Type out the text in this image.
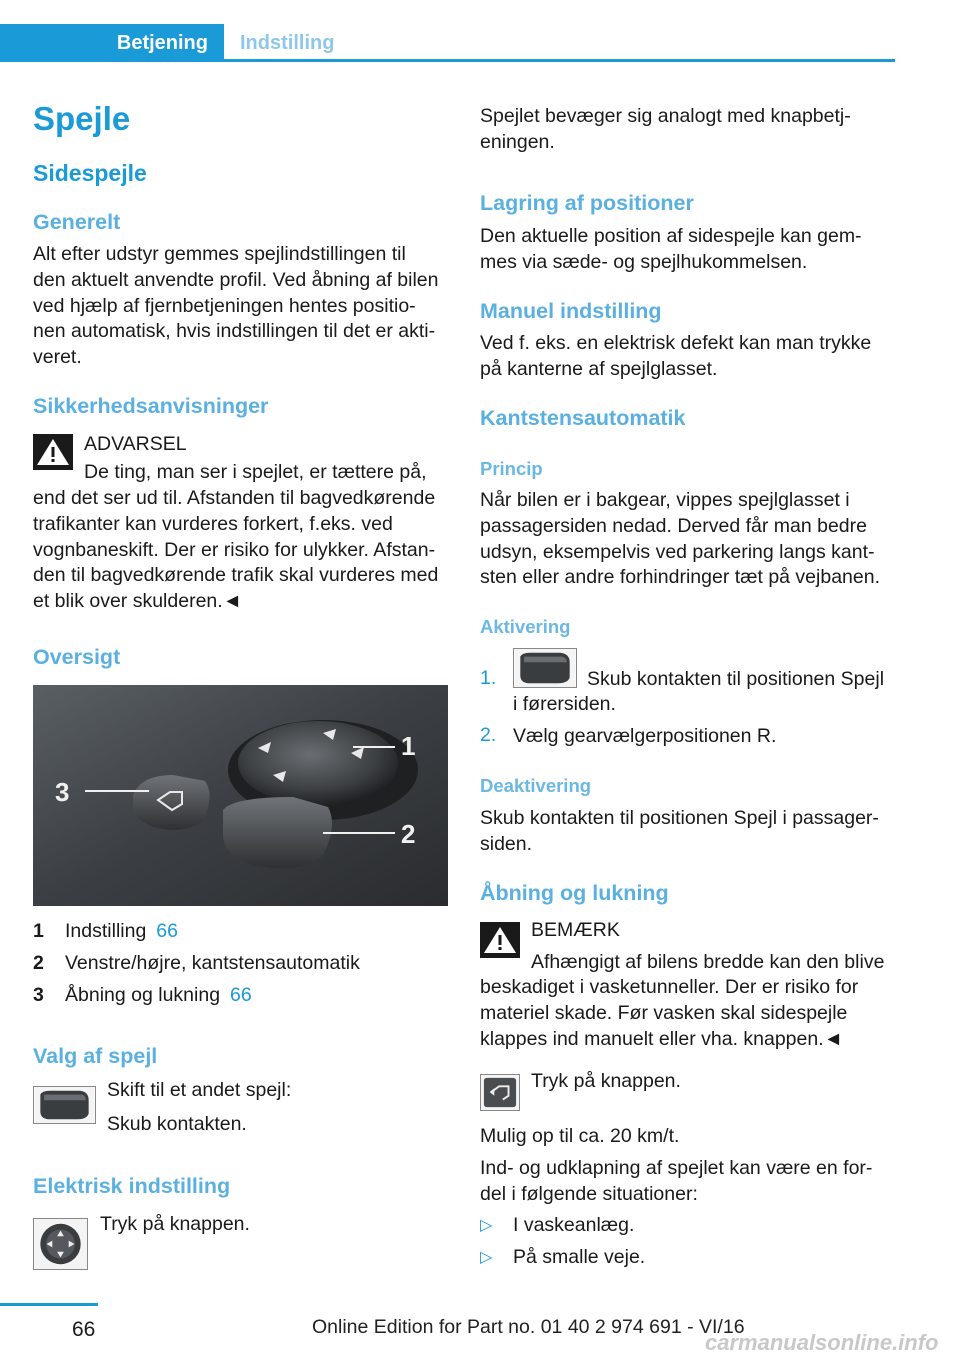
Betjening	Indstilling
Spejle
Sidespejle
Generelt
Alt efter udstyr gemmes spejlindstillingen til
den aktuelt anvendte profil. Ved åbning af bilen
ved hjælp af fjernbetjeningen hentes positio-
nen automatisk, hvis indstillingen til det er akti-
veret.
Sikkerhedsanvisninger
ADVARSEL
De ting, man ser i spejlet, er tættere på,
end det ser ud til. Afstanden til bagvedkørende
trafikanter kan vurderes forkert, f.eks. ved
vognbaneskift. Der er risiko for ulykker. Afstan-
den til bagvedkørende trafik skal vurderes med
et blik over skulderen.◄
Oversigt
1
2
3
1 Indstilling 66
2 Venstre/højre, kantstensautomatik
3 Åbning og lukning 66
Valg af spejl
Skift til et andet spejl:
Skub kontakten.
Elektrisk indstilling
Tryk på knappen.
Spejlet bevæger sig analogt med knapbetj-
eningen.
Lagring af positioner
Den aktuelle position af sidespejle kan gem-
mes via sæde- og spejlhukommelsen.
Manuel indstilling
Ved f. eks. en elektrisk defekt kan man trykke
på kanterne af spejlglasset.
Kantstensautomatik
Princip
Når bilen er i bakgear, vippes spejlglasset i
passagersiden nedad. Derved får man bedre
udsyn, eksempelvis ved parkering langs kant-
sten eller andre forhindringer tæt på vejbanen.
Aktivering
1.	Skub kontakten til positionen Spejl
i førersiden.
2. Vælg gearvælgerpositionen R.
Deaktivering
Skub kontakten til positionen Spejl i passager-
siden.
Åbning og lukning
BEMÆRK
Afhængigt af bilens bredde kan den blive
beskadiget i vasketunneller. Der er risiko for
materiel skade. Før vasken skal sidespejle
klappes ind manuelt eller vha. knappen.◄
Tryk på knappen.
Mulig op til ca. 20 km/t.
Ind- og udklapning af spejlet kan være en for-
del i følgende situationer:
▷ I vaskeanlæg.
▷ På smalle veje.
66	Online Edition for Part no. 01 40 2 974 691 - VI/16
carmanualsonline.info
